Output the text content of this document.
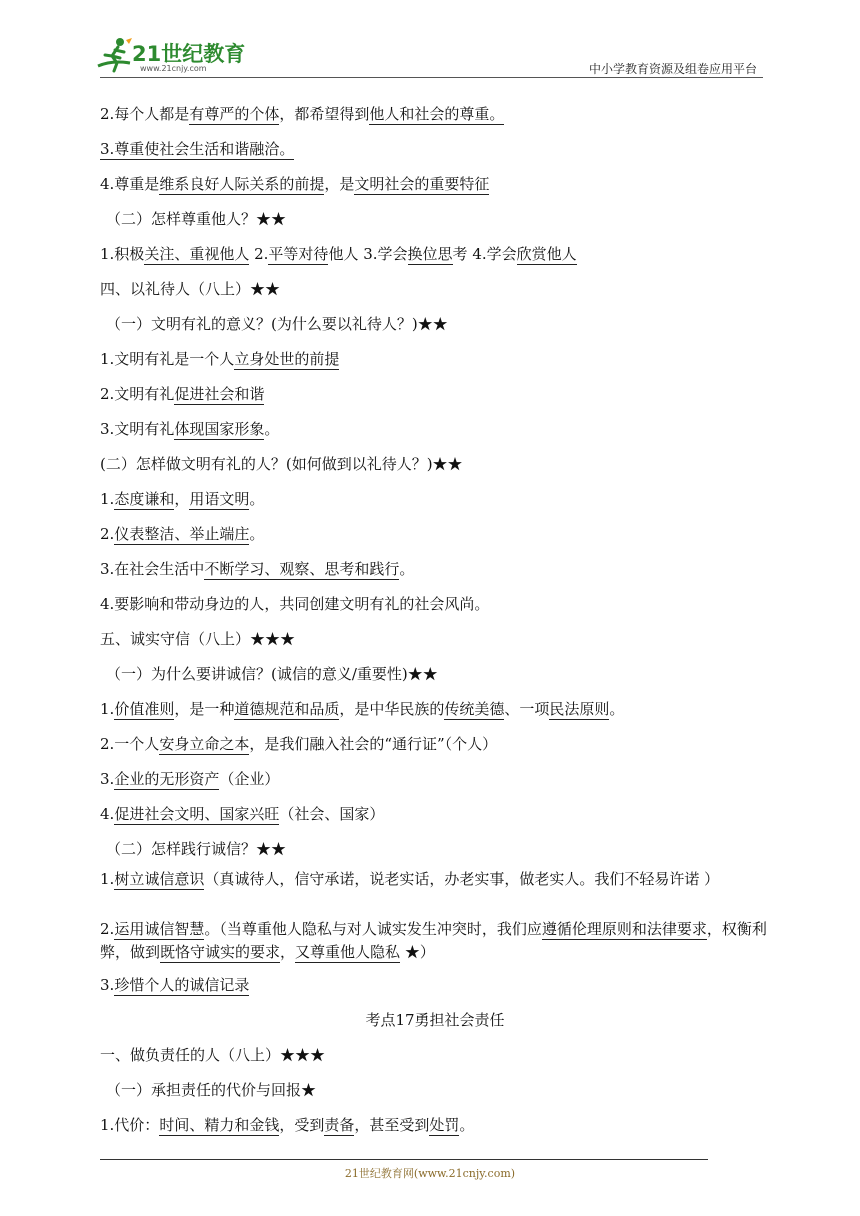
21世纪教育
www.21cnjy.com	中小学教育资源及组卷应用平台
2.每个人都是有尊严的个体，都希望得到他人和社会的尊重。
3.尊重使社会生活和谐融洽。
4.尊重是维系良好人际关系的前提，是文明社会的重要特征
（二）怎样尊重他人？★★
1.积极关注、重视他人 2.平等对待他人 3.学会换位思考 4.学会欣赏他人
四、以礼待人（八上）★★
（一）文明有礼的意义？(为什么要以礼待人？)★★
1.文明有礼是一个人立身处世的前提
2.文明有礼促进社会和谐
3.文明有礼体现国家形象。
(二）怎样做文明有礼的人？(如何做到以礼待人？)★★
1.态度谦和，用语文明。
2.仪表整洁、举止端庄。
3.在社会生活中不断学习、观察、思考和践行。
4.要影响和带动身边的人，共同创建文明有礼的社会风尚。
五、诚实守信（八上）★★★
（一）为什么要讲诚信？(诚信的意义/重要性)★★
1.价值准则，是一种道德规范和品质，是中华民族的传统美德、一项民法原则。
2.一个人安身立命之本，是我们融入社会的“通行证”（个人）
3.企业的无形资产（企业）
4.促进社会文明、国家兴旺（社会、国家）
（二）怎样践行诚信？★★
1.树立诚信意识（真诚待人，信守承诺，说老实话，办老实事，做老实人。我们不轻易许诺 ）
2.运用诚信智慧。（当尊重他人隐私与对人诚实发生冲突时，我们应遵循伦理原则和法律要求，权衡利弊，做到既恪守诚实的要求，又尊重他人隐私 ★）
3.珍惜个人的诚信记录
考点17勇担社会责任
一、做负责任的人（八上）★★★
（一）承担责任的代价与回报★
1.代价：时间、精力和金钱，受到责备，甚至受到处罚。
21世纪教育网(www.21cnjy.com)
